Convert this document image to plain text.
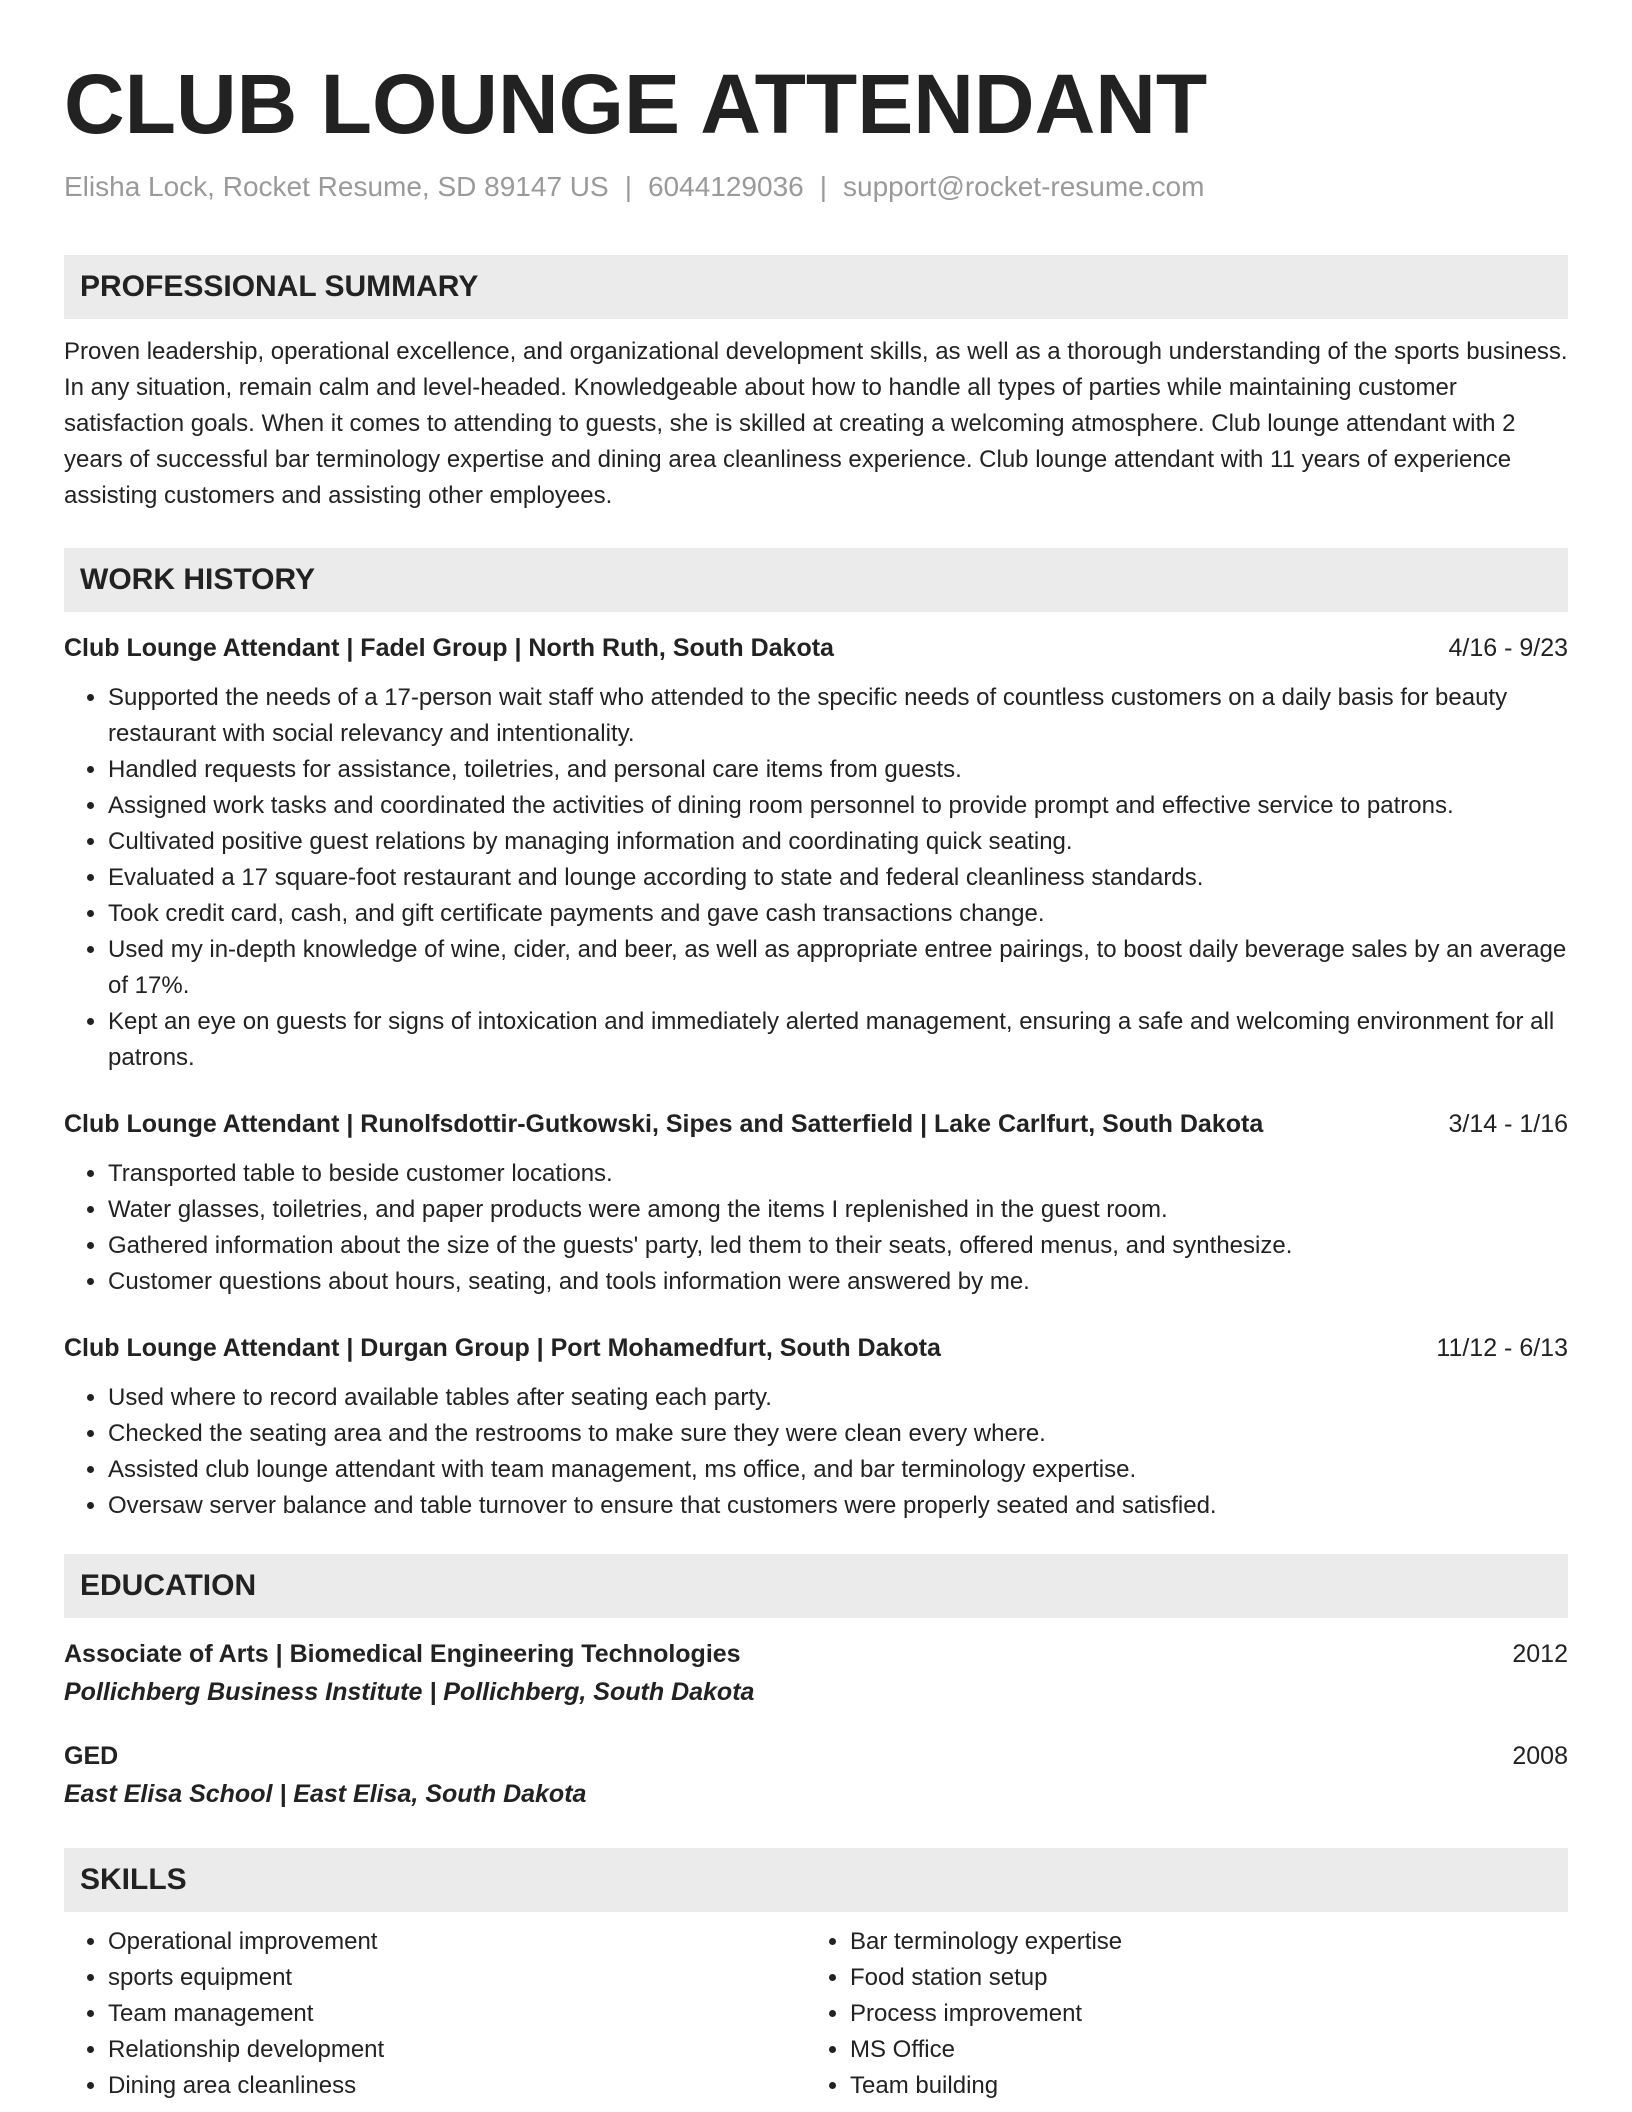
CLUB LOUNGE ATTENDANT
Elisha Lock, Rocket Resume, SD 89147 US | 6044129036 | support@rocket-resume.com
PROFESSIONAL SUMMARY
Proven leadership, operational excellence, and organizational development skills, as well as a thorough understanding of the sports business. In any situation, remain calm and level-headed. Knowledgeable about how to handle all types of parties while maintaining customer satisfaction goals. When it comes to attending to guests, she is skilled at creating a welcoming atmosphere. Club lounge attendant with 2 years of successful bar terminology expertise and dining area cleanliness experience. Club lounge attendant with 11 years of experience assisting customers and assisting other employees.
WORK HISTORY
Club Lounge Attendant | Fadel Group | North Ruth, South Dakota	4/16 - 9/23
• Supported the needs of a 17-person wait staff who attended to the specific needs of countless customers on a daily basis for beauty restaurant with social relevancy and intentionality.
• Handled requests for assistance, toiletries, and personal care items from guests.
• Assigned work tasks and coordinated the activities of dining room personnel to provide prompt and effective service to patrons.
• Cultivated positive guest relations by managing information and coordinating quick seating.
• Evaluated a 17 square-foot restaurant and lounge according to state and federal cleanliness standards.
• Took credit card, cash, and gift certificate payments and gave cash transactions change.
• Used my in-depth knowledge of wine, cider, and beer, as well as appropriate entree pairings, to boost daily beverage sales by an average of 17%.
• Kept an eye on guests for signs of intoxication and immediately alerted management, ensuring a safe and welcoming environment for all patrons.
Club Lounge Attendant | Runolfsdottir-Gutkowski, Sipes and Satterfield | Lake Carlfurt, South Dakota	3/14 - 1/16
• Transported table to beside customer locations.
• Water glasses, toiletries, and paper products were among the items I replenished in the guest room.
• Gathered information about the size of the guests' party, led them to their seats, offered menus, and synthesize.
• Customer questions about hours, seating, and tools information were answered by me.
Club Lounge Attendant | Durgan Group | Port Mohamedfurt, South Dakota	11/12 - 6/13
• Used where to record available tables after seating each party.
• Checked the seating area and the restrooms to make sure they were clean every where.
• Assisted club lounge attendant with team management, ms office, and bar terminology expertise.
• Oversaw server balance and table turnover to ensure that customers were properly seated and satisfied.
EDUCATION
Associate of Arts | Biomedical Engineering Technologies	2012
Pollichberg Business Institute | Pollichberg, South Dakota
GED	2008
East Elisa School | East Elisa, South Dakota
SKILLS
• Operational improvement
• sports equipment
• Team management
• Relationship development
• Dining area cleanliness
• Bar terminology expertise
• Food station setup
• Process improvement
• MS Office
• Team building
